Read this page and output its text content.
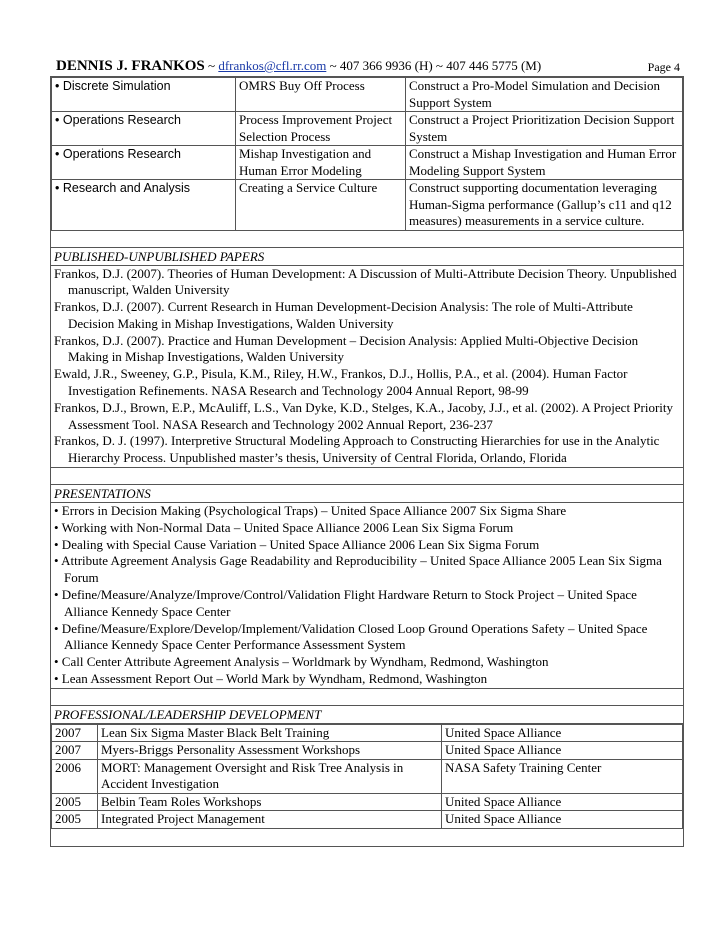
DENNIS J. FRANKOS ~ dfrankos@cfl.rr.com ~ 407 366 9936 (H) ~ 407 446 5775 (M)	Page 4
• Discrete Simulation	OMRS Buy Off Process	Construct a Pro-Model Simulation and Decision Support System
• Operations Research	Process Improvement Project Selection Process	Construct a Project Prioritization Decision Support System
• Operations Research	Mishap Investigation and Human Error Modeling	Construct a Mishap Investigation and Human Error Modeling Support System
• Research and Analysis	Creating a Service Culture	Construct supporting documentation leveraging Human-Sigma performance (Gallup’s c11 and q12 measures) measurements in a service culture.
PUBLISHED-UNPUBLISHED PAPERS

Frankos, D.J. (2007). Theories of Human Development: A Discussion of Multi-Attribute Decision Theory. Unpublished manuscript, Walden University

Frankos, D.J. (2007). Current Research in Human Development-Decision Analysis: The role of Multi-Attribute Decision Making in Mishap Investigations, Walden University

Frankos, D.J. (2007). Practice and Human Development – Decision Analysis: Applied Multi-Objective Decision Making in Mishap Investigations, Walden University

Ewald, J.R., Sweeney, G.P., Pisula, K.M., Riley, H.W., Frankos, D.J., Hollis, P.A., et al. (2004). Human Factor Investigation Refinements. NASA Research and Technology 2004 Annual Report, 98-99

Frankos, D.J., Brown, E.P., McAuliff, L.S., Van Dyke, K.D., Stelges, K.A., Jacoby, J.J., et al. (2002). A Project Priority Assessment Tool. NASA Research and Technology 2002 Annual Report, 236-237

Frankos, D. J. (1997). Interpretive Structural Modeling Approach to Constructing Hierarchies for use in the Analytic Hierarchy Process. Unpublished master’s thesis, University of Central Florida, Orlando, Florida

PRESENTATIONS

• Errors in Decision Making (Psychological Traps) – United Space Alliance 2007 Six Sigma Share

• Working with Non-Normal Data – United Space Alliance 2006 Lean Six Sigma Forum

• Dealing with Special Cause Variation – United Space Alliance 2006 Lean Six Sigma Forum

• Attribute Agreement Analysis Gage Readability and Reproducibility – United Space Alliance 2005 Lean Six Sigma Forum

• Define/Measure/Analyze/Improve/Control/Validation Flight Hardware Return to Stock Project – United Space Alliance Kennedy Space Center

• Define/Measure/Explore/Develop/Implement/Validation Closed Loop Ground Operations Safety – United Space Alliance Kennedy Space Center Performance Assessment System

• Call Center Attribute Agreement Analysis – Worldmark by Wyndham, Redmond, Washington

• Lean Assessment Report Out – World Mark by Wyndham, Redmond, Washington

PROFESSIONAL/LEADERSHIP DEVELOPMENT
2007	Lean Six Sigma Master Black Belt Training	United Space Alliance
2007	Myers-Briggs Personality Assessment Workshops	United Space Alliance
2006	MORT: Management Oversight and Risk Tree Analysis in Accident Investigation	NASA Safety Training Center
2005	Belbin Team Roles Workshops	United Space Alliance
2005	Integrated Project Management	United Space Alliance
